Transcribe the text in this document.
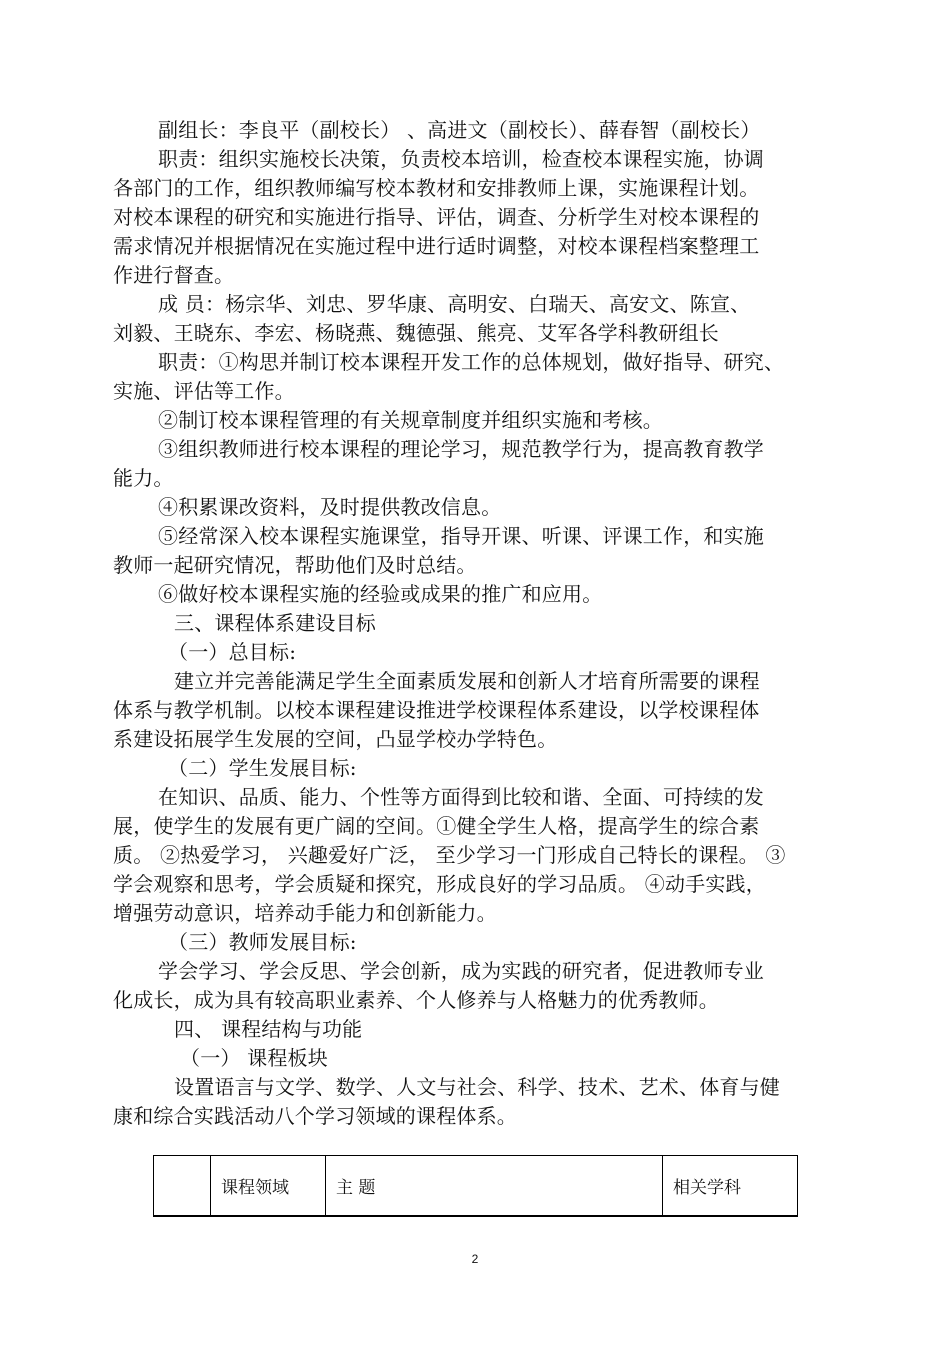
副组长：李良平（副校长） 、高进文（副校长）、薛春智（副校长）
职责：组织实施校长决策，负责校本培训，检查校本课程实施，协调
各部门的工作，组织教师编写校本教材和安排教师上课，实施课程计划。
对校本课程的研究和实施进行指导、评估，调查、分析学生对校本课程的
需求情况并根据情况在实施过程中进行适时调整，对校本课程档案整理工
作进行督查。
成 员：杨宗华、刘忠、罗华康、高明安、白瑞天、高安文、陈宣、
刘毅、王晓东、李宏、杨晓燕、魏德强、熊亮、艾军各学科教研组长
职责：①构思并制订校本课程开发工作的总体规划，做好指导、研究、
实施、评估等工作。
②制订校本课程管理的有关规章制度并组织实施和考核。
③组织教师进行校本课程的理论学习，规范教学行为，提高教育教学
能力。
④积累课改资料，及时提供教改信息。
⑤经常深入校本课程实施课堂，指导开课、听课、评课工作，和实施
教师一起研究情况，帮助他们及时总结。
⑥做好校本课程实施的经验或成果的推广和应用。
三、课程体系建设目标
（一）总目标:
建立并完善能满足学生全面素质发展和创新人才培育所需要的课程
体系与教学机制。以校本课程建设推进学校课程体系建设，以学校课程体
系建设拓展学生发展的空间，凸显学校办学特色。
（二）学生发展目标:
在知识、品质、能力、个性等方面得到比较和谐、全面、可持续的发
展，使学生的发展有更广阔的空间。①健全学生人格，提高学生的综合素
质。 ②热爱学习， 兴趣爱好广泛， 至少学习一门形成自己特长的课程。 ③
学会观察和思考，学会质疑和探究，形成良好的学习品质。 ④动手实践，
增强劳动意识，培养动手能力和创新能力。
（三）教师发展目标:
学会学习、学会反思、学会创新，成为实践的研究者，促进教师专业
化成长，成为具有较高职业素养、个人修养与人格魅力的优秀教师。
四、 课程结构与功能
（一） 课程板块
设置语言与文学、数学、人文与社会、科学、技术、艺术、体育与健
康和综合实践活动八个学习领域的课程体系。
	课程领域	主 题	相关学科
2
